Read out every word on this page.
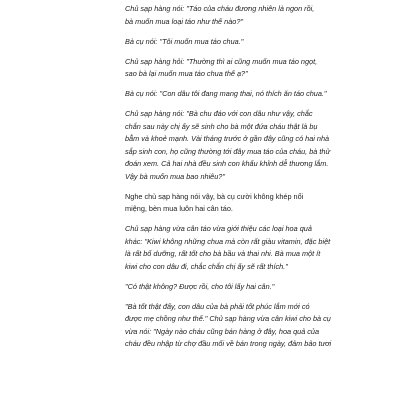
Chủ sạp hàng nói: "Táo của cháu đương nhiên là ngon rồi,
bà muốn mua loại táo như thế nào?"

Bà cụ nói: "Tôi muốn mua táo chua."

Chủ sạp hàng hỏi: "Thường thì ai cũng muốn mua táo ngọt,
sao bà lại muốn mua táo chua thế ạ?"

Bà cụ nói: "Con dâu tôi đang mang thai, nó thích ăn táo chua."

Chủ sạp hàng nói: "Bà chu đáo với con dâu như vậy, chắc
chắn sau này chị ấy sẽ sinh cho bà một đứa cháu thật là bụ
bẫm và khoẻ mạnh. Vài tháng trước ở gần đây cũng có hai nhà
sắp sinh con, họ cũng thường tới đây mua táo của cháu, bà thử
đoán xem. Cả hai nhà đều sinh con khấu khỉnh dễ thương lắm.
Vậy bà muốn mua bao nhiêu?"

Nghe chủ sạp hàng nói vậy, bà cụ cười không khép nổi
miệng, bèn mua luôn hai cân táo.

Chủ sạp hàng vừa cân táo vừa giới thiệu các loại hoa quả
khác: "Kiwi không những chua mà còn rất giàu vitamin, đặc biệt
là rất bổ dưỡng, rất tốt cho bà bầu và thai nhi. Bà mua một ít
kiwi cho con dâu đi, chắc chắn chị ấy sẽ rất thích."

"Có thật không? Được rồi, cho tôi lấy hai cân."

"Bà tốt thật đấy, con dâu của bà phải tốt phúc lắm mới có
được mẹ chồng như thế." Chủ sạp hàng vừa cân kiwi cho bà cụ
vừa nói: "Ngày nào cháu cũng bán hàng ở đây, hoa quả của
cháu đều nhập từ chợ đầu mối về bán trong ngày, đảm bảo tươi
